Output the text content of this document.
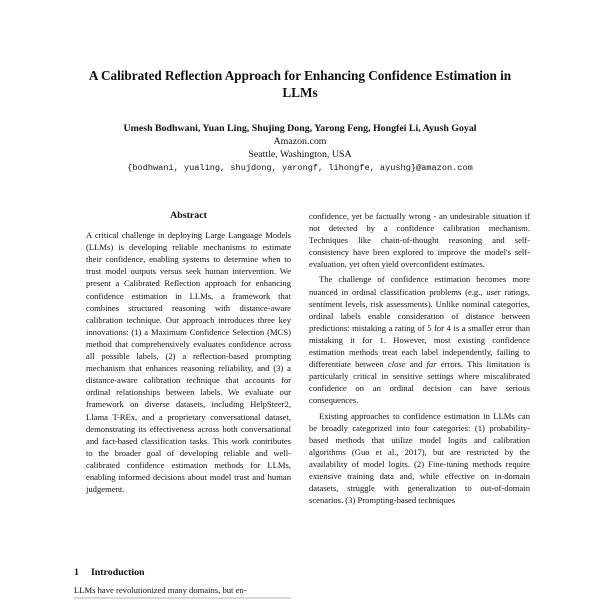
A Calibrated Reflection Approach for Enhancing Confidence Estimation in
LLMs
Umesh Bodhwani, Yuan Ling, Shujing Dong, Yarong Feng, Hongfei Li, Ayush Goyal
Amazon.com
Seattle, Washington, USA
{bodhwani, yualing, shujdong, yarongf, lihongfe, ayushg}@amazon.com
Abstract

A critical challenge in deploying Large Language Models (LLMs) is developing reliable mechanisms to estimate their confidence, enabling systems to determine when to trust model outputs versus seek human intervention. We present a Calibrated Reflection approach for enhancing confidence estimation in LLMs, a framework that combines structured reasoning with distance-aware calibration technique. Our approach introduces three key innovations: (1) a Maximum Confidence Selection (MCS) method that comprehensively evaluates confidence across all possible labels, (2) a reflection-based prompting mechanism that enhances reasoning reliability, and (3) a distance-aware calibration technique that accounts for ordinal relationships between labels. We evaluate our framework on diverse datasets, including HelpSteer2, Llama T-REx, and a proprietary conversational dataset, demonstrating its effectiveness across both conversational and fact-based classification tasks. This work contributes to the broader goal of developing reliable and well-calibrated confidence estimation methods for LLMs, enabling informed decisions about model trust and human judgement.

1 Introduction
LLMs have revolutionized many domains, but en-

confidence, yet be factually wrong - an undesirable situation if not detected by a confidence calibration mechanism. Techniques like chain-of-thought reasoning and self-consistency have been explored to improve the model's self-evaluation, yet often yield overconfident estimates.

The challenge of confidence estimation becomes more nuanced in ordinal classification problems (e.g., user ratings, sentiment levels, risk assessments). Unlike nominal categories, ordinal labels enable consideration of distance between predictions: mistaking a rating of 5 for 4 is a smaller error than mistaking it for 1. However, most existing confidence estimation methods treat each label independently, failing to differentiate between close and far errors. This limitation is particularly critical in sensitive settings where miscalibrated confidence on an ordinal decision can have serious consequences.

Existing approaches to confidence estimation in LLMs can be broadly categorized into four categories: (1) probability-based methods that utilize model logits and calibration algorithms (Guo et al., 2017), but are restricted by the availability of model logits. (2) Fine-tuning methods require extensive training data and, while effective on in-domain datasets, struggle with generalization to out-of-domain scenarios. (3) Prompting-based techniques
